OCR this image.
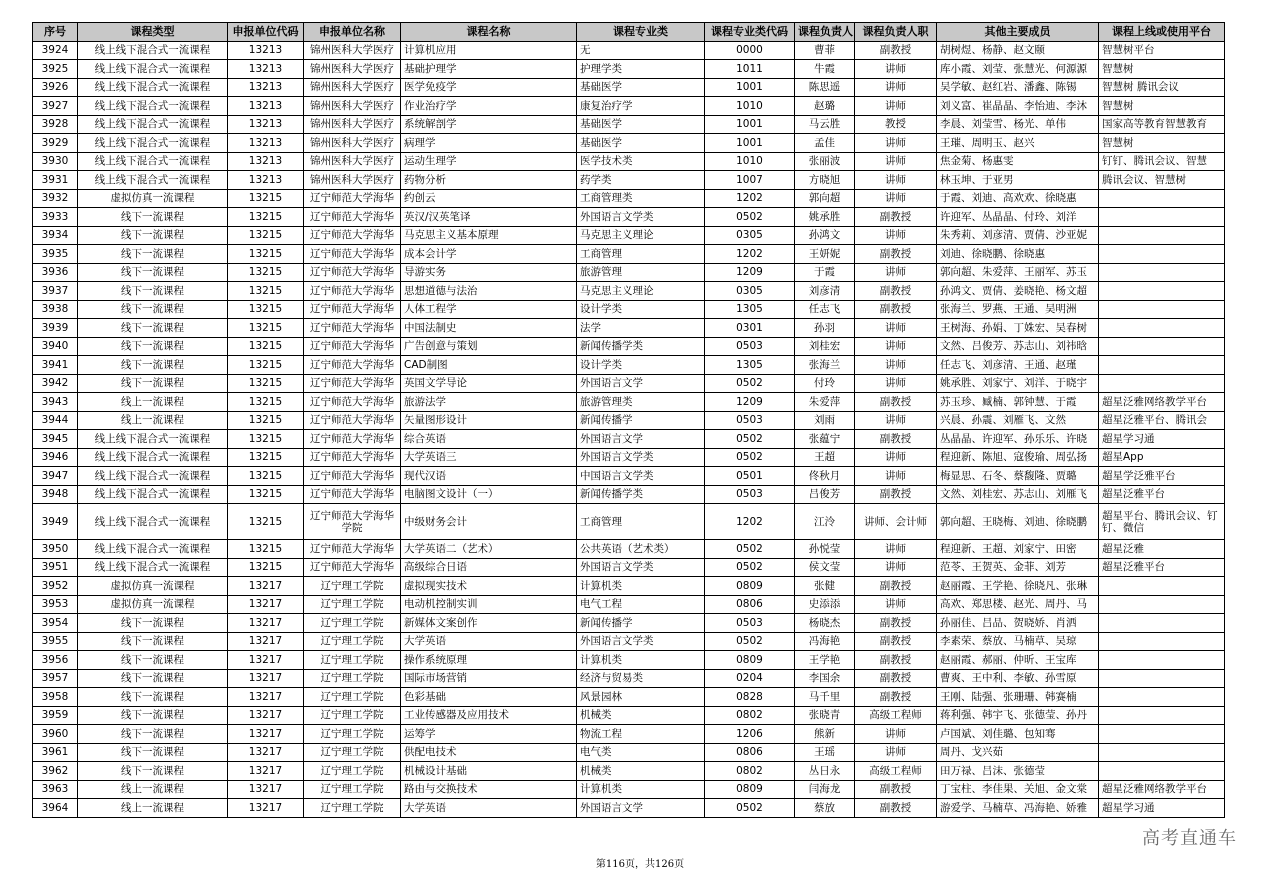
序号	课程类型	申报单位代码	申报单位名称	课程名称	课程专业类	课程专业类代码	课程负责人	课程负责人职	其他主要成员	课程上线或使用平台
3924	线上线下混合式一流课程	13213	锦州医科大学医疗	计算机应用	无	0000	曹菲	副教授	胡树煜、杨静、赵文颐	智慧树平台
3925	线上线下混合式一流课程	13213	锦州医科大学医疗	基础护理学	护理学类	1011	牛霞	讲师	库小霞、刘莹、张慧光、何源源	智慧树
3926	线上线下混合式一流课程	13213	锦州医科大学医疗	医学免疫学	基础医学	1001	陈思遥	讲师	吴学敏、赵红岩、潘鑫、陈锡	智慧树 腾讯会议
3927	线上线下混合式一流课程	13213	锦州医科大学医疗	作业治疗学	康复治疗学	1010	赵璐	讲师	刘义富、崔晶晶、李怡迪、李沐	智慧树
3928	线上线下混合式一流课程	13213	锦州医科大学医疗	系统解剖学	基础医学	1001	马云胜	教授	李晨、刘莹雪、杨光、单伟	国家高等教育智慧教育
3929	线上线下混合式一流课程	13213	锦州医科大学医疗	病理学	基础医学	1001	孟佳	讲师	王璀、周明玉、赵兴	智慧树
3930	线上线下混合式一流课程	13213	锦州医科大学医疗	运动生理学	医学技术类	1010	张丽波	讲师	焦金菊、杨惠雯	钉钉、腾讯会议、智慧
3931	线上线下混合式一流课程	13213	锦州医科大学医疗	药物分析	药学类	1007	方晓旭	讲师	林玉坤、于亚男	腾讯会议、智慧树
3932	虚拟仿真一流课程	13215	辽宁师范大学海华	约创云	工商管理类	1202	郭向超	讲师	于霞、刘迪、高欢欢、徐晓惠	
3933	线下一流课程	13215	辽宁师范大学海华	英汉/汉英笔译	外国语言文学类	0502	姚承胜	副教授	许迎军、丛晶晶、付玲、刘洋	
3934	线下一流课程	13215	辽宁师范大学海华	马克思主义基本原理	马克思主义理论	0305	孙鸿文	讲师	朱秀莉、刘彦清、贾倩、沙亚妮	
3935	线下一流课程	13215	辽宁师范大学海华	成本会计学	工商管理	1202	王妍妮	副教授	刘迪、徐晓鹏、徐晓惠	
3936	线下一流课程	13215	辽宁师范大学海华	导游实务	旅游管理	1209	于霞	讲师	郭向超、朱爱萍、王丽军、苏玉	
3937	线下一流课程	13215	辽宁师范大学海华	思想道德与法治	马克思主义理论	0305	刘彦清	副教授	孙鸿文、贾倩、姜晓艳、杨文超	
3938	线下一流课程	13215	辽宁师范大学海华	人体工程学	设计学类	1305	任志飞	副教授	张海兰、罗燕、王通、吴明洲	
3939	线下一流课程	13215	辽宁师范大学海华	中国法制史	法学	0301	孙羽	讲师	王树海、孙娟、丁姝宏、吴春树	
3940	线下一流课程	13215	辽宁师范大学海华	广告创意与策划	新闻传播学类	0503	刘桂宏	讲师	文然、吕俊芳、苏志山、刘祎晗	
3941	线下一流课程	13215	辽宁师范大学海华	CAD制图	设计学类	1305	张海兰	讲师	任志飞、刘彦清、王通、赵瑾	
3942	线下一流课程	13215	辽宁师范大学海华	英国文学导论	外国语言文学	0502	付玲	讲师	姚承胜、刘家宁、刘洋、于晓宇	
3943	线上一流课程	13215	辽宁师范大学海华	旅游法学	旅游管理类	1209	朱爱萍	副教授	苏玉珍、臧楠、郭钟慧、于霞	超星泛雅网络教学平台
3944	线上一流课程	13215	辽宁师范大学海华	矢量图形设计	新闻传播学	0503	刘雨	讲师	兴晨、孙震、刘雁飞、文然	超星泛雅平台、腾讯会
3945	线上线下混合式一流课程	13215	辽宁师范大学海华	综合英语	外国语言文学	0502	张蕴宁	副教授	丛晶晶、许迎军、孙乐乐、许晓	超星学习通
3946	线上线下混合式一流课程	13215	辽宁师范大学海华	大学英语三	外国语言文学类	0502	王超	讲师	程迎新、陈旭、寇俊瑜、周弘扬	超星App
3947	线上线下混合式一流课程	13215	辽宁师范大学海华	现代汉语	中国语言文学类	0501	佟秋月	讲师	梅显思、石冬、蔡馥隆、贾璐	超星学泛雅平台
3948	线上线下混合式一流课程	13215	辽宁师范大学海华	电脑图文设计（一）	新闻传播学类	0503	吕俊芳	副教授	文然、刘桂宏、苏志山、刘雁飞	超星泛雅平台
3949	线上线下混合式一流课程	13215	辽宁师范大学海华学院	中级财务会计	工商管理	1202	江泠	讲师、会计师	郭向超、王晓梅、刘迪、徐晓鹏	超星平台、腾讯会议、钉钉、微信
3950	线上线下混合式一流课程	13215	辽宁师范大学海华	大学英语二（艺术）	公共英语（艺术类）	0502	孙悦莹	讲师	程迎新、王超、刘家宁、田密	超星泛雅
3951	线上线下混合式一流课程	13215	辽宁师范大学海华	高级综合日语	外国语言文学类	0502	侯文莹	讲师	范苓、王贺英、金菲、刘芳	超星泛雅平台
3952	虚拟仿真一流课程	13217	辽宁理工学院	虚拟现实技术	计算机类	0809	张健	副教授	赵丽霞、王学艳、徐晓凡、张琳	
3953	虚拟仿真一流课程	13217	辽宁理工学院	电动机控制实训	电气工程	0806	史添添	讲师	高欢、郑思楼、赵光、周丹、马	
3954	线下一流课程	13217	辽宁理工学院	新媒体文案创作	新闻传播学	0503	杨晓杰	副教授	孙丽佳、吕品、贺晓娇、肖洒	
3955	线下一流课程	13217	辽宁理工学院	大学英语	外国语言文学类	0502	冯海艳	副教授	李素荣、蔡放、马楠草、吴琼	
3956	线下一流课程	13217	辽宁理工学院	操作系统原理	计算机类	0809	王学艳	副教授	赵丽霞、郝丽、仲昕、王宝库	
3957	线下一流课程	13217	辽宁理工学院	国际市场营销	经济与贸易类	0204	李国余	副教授	曹爽、王中利、李敏、孙雪原	
3958	线下一流课程	13217	辽宁理工学院	色彩基础	风景园林	0828	马千里	副教授	王刚、陆强、张珊珊、韩赛楠	
3959	线下一流课程	13217	辽宁理工学院	工业传感器及应用技术	机械类	0802	张晓青	高级工程师	蒋利强、韩宇飞、张德莹、孙丹	
3960	线下一流课程	13217	辽宁理工学院	运筹学	物流工程	1206	熊新	讲师	卢国斌、刘佳璐、包知骞	
3961	线下一流课程	13217	辽宁理工学院	供配电技术	电气类	0806	王瑶	讲师	周丹、戈兴茹	
3962	线下一流课程	13217	辽宁理工学院	机械设计基础	机械类	0802	丛日永	高级工程师	田万禄、吕沫、张德莹	
3963	线上一流课程	13217	辽宁理工学院	路由与交换技术	计算机类	0809	闫海龙	副教授	丁宝柱、李佳果、关旭、金文棠	超星泛雅网络教学平台
3964	线上一流课程	13217	辽宁理工学院	大学英语	外国语言文学	0502	蔡放	副教授	游爱学、马楠草、冯海艳、娇雅	超星学习通
高考直通车
第116页，共126页
